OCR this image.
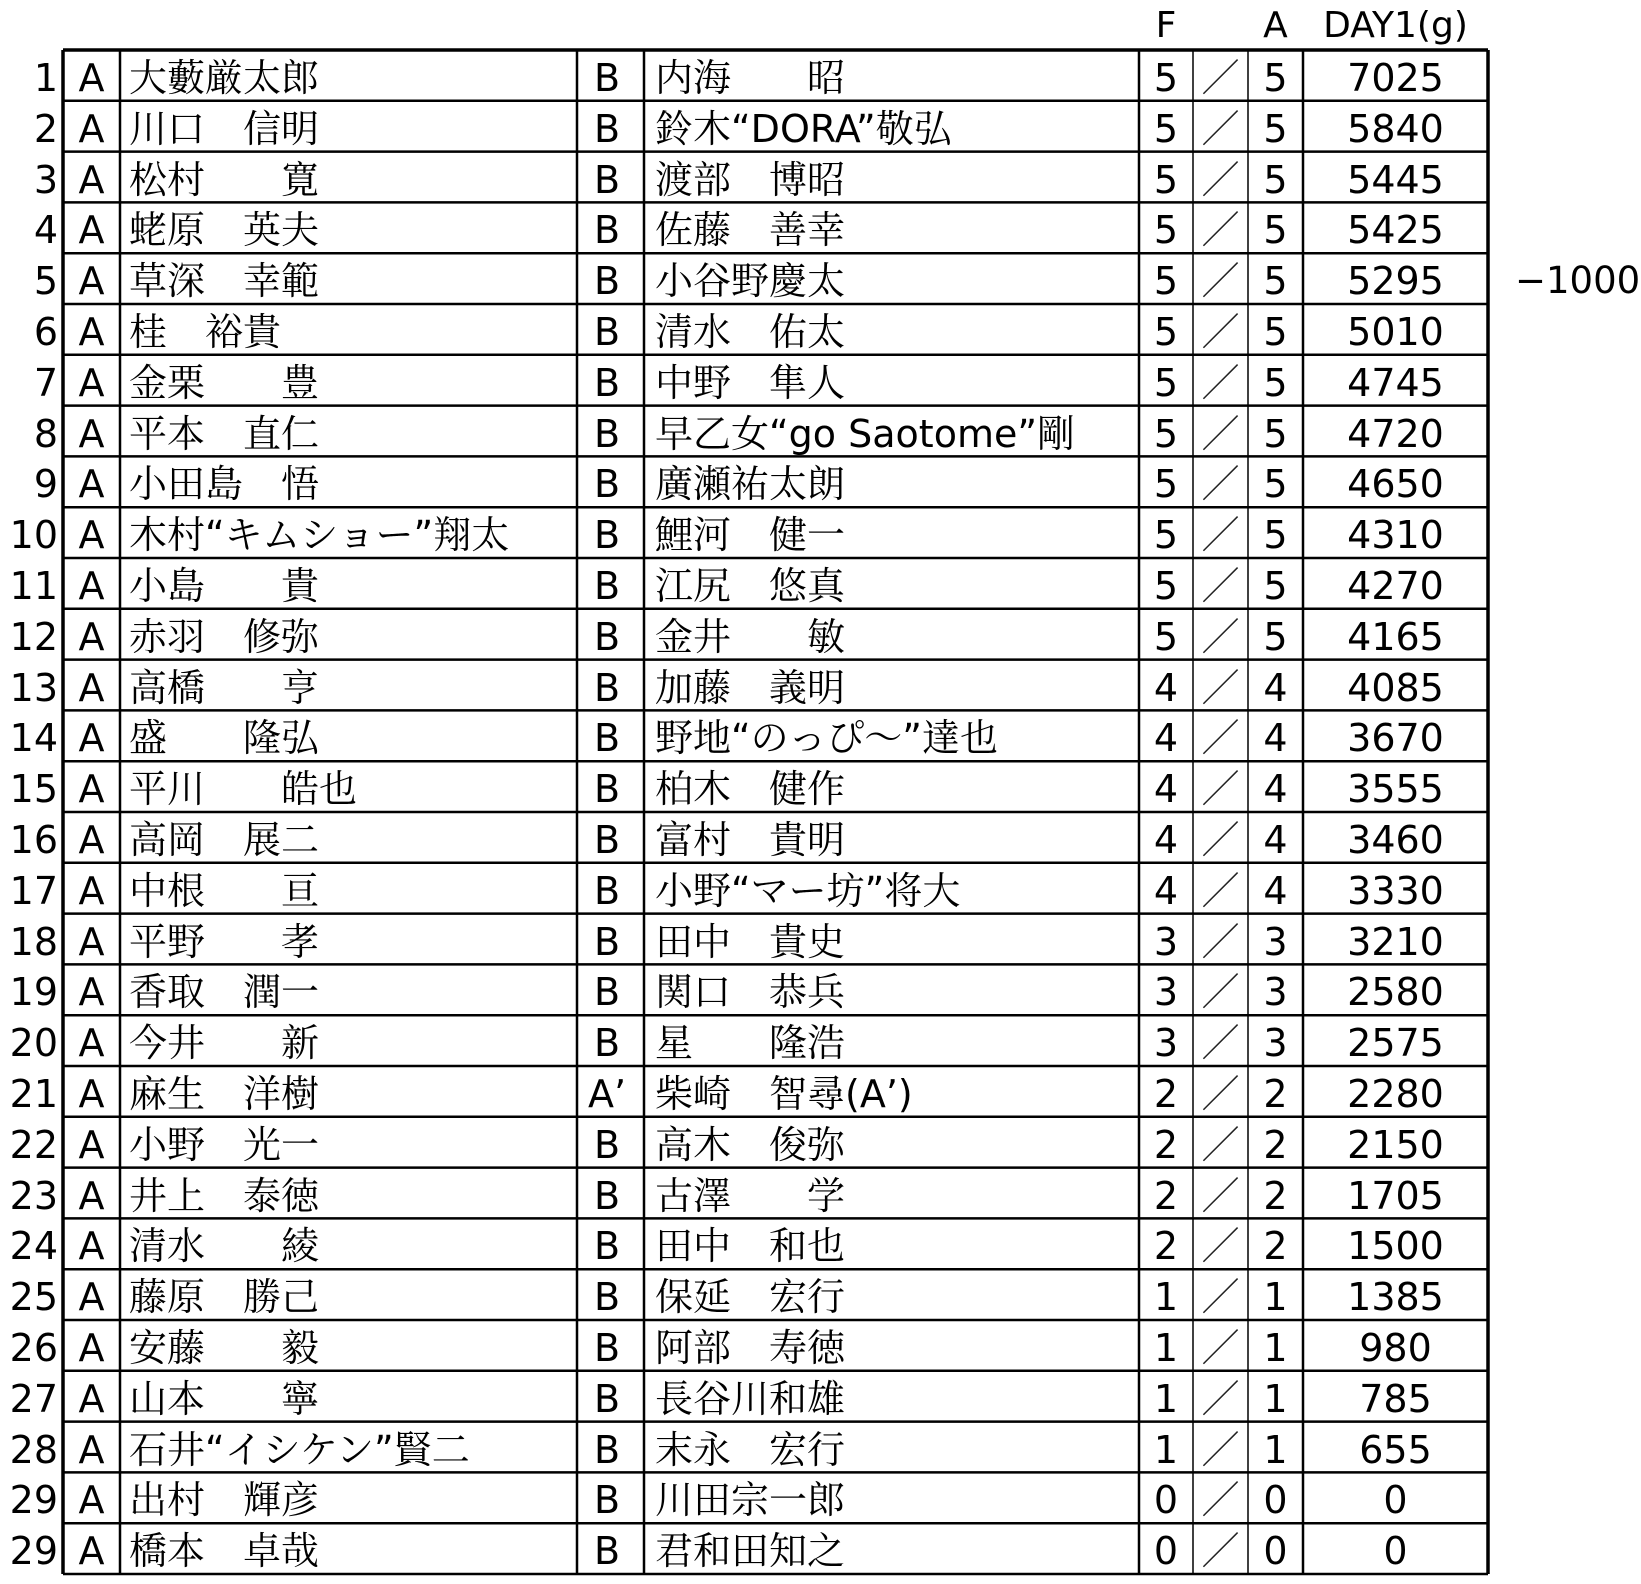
F	A DAY1(g)
1 A 大藪厳太郎	B 内海　　昭	5 ／ 5	7025
2 A 川口　信明	B 鈴木“DORA”敬弘	5 ／ 5	5840
3 A 松村　　寛	B 渡部　博昭	5 ／ 5	5445
4 A 蛯原　英夫	B 佐藤　善幸	5 ／ 5	5425
5 A 草深　幸範	B 小谷野慶太	5 ／ 5	5295	−1000
6 A 桂　裕貴	B 清水　佑太	5 ／ 5	5010
7 A 金栗　　豊	B 中野　隼人	5 ／ 5	4745
8 A 平本　直仁	B 早乙女“go Saotome”剛	5 ／ 5	4720
9 A 小田島　悟	B 廣瀬祐太朗	5 ／ 5	4650
10 A 木村“キムショー”翔太	B 鯉河　健一	5 ／ 5	4310
11 A 小島　　貴	B 江尻　悠真	5 ／ 5	4270
12 A 赤羽　修弥	B 金井　　敏	5 ／ 5	4165
13 A 高橋　　亨	B 加藤　義明	4 ／ 4	4085
14 A 盛　　隆弘	B 野地“のっぴ～”達也	4 ／ 4	3670
15 A 平川　　皓也	B 柏木　健作	4 ／ 4	3555
16 A 高岡　展二	B 富村　貴明	4 ／ 4	3460
17 A 中根　　亘	B 小野“マー坊”将大	4 ／ 4	3330
18 A 平野　　孝	B 田中　貴史	3 ／ 3	3210
19 A 香取　潤一	B 関口　恭兵	3 ／ 3	2580
20 A 今井　　新	B 星　　隆浩	3 ／ 3	2575
21 A 麻生　洋樹	A’ 柴崎　智尋(A’)	2 ／ 2	2280
22 A 小野　光一	B 高木　俊弥	2 ／ 2	2150
23 A 井上　泰徳	B 古澤　　学	2 ／ 2	1705
24 A 清水　　綾	B 田中　和也	2 ／ 2	1500
25 A 藤原　勝己	B 保延　宏行	1 ／ 1	1385
26 A 安藤　　毅	B 阿部　寿徳	1 ／ 1	980
27 A 山本　　寧	B 長谷川和雄	1 ／ 1	785
28 A 石井“イシケン”賢二	B 末永　宏行	1 ／ 1	655
29 A 出村　輝彦	B 川田宗一郎	0 ／ 0	0
29 A 橋本　卓哉	B 君和田知之	0 ／ 0	0
